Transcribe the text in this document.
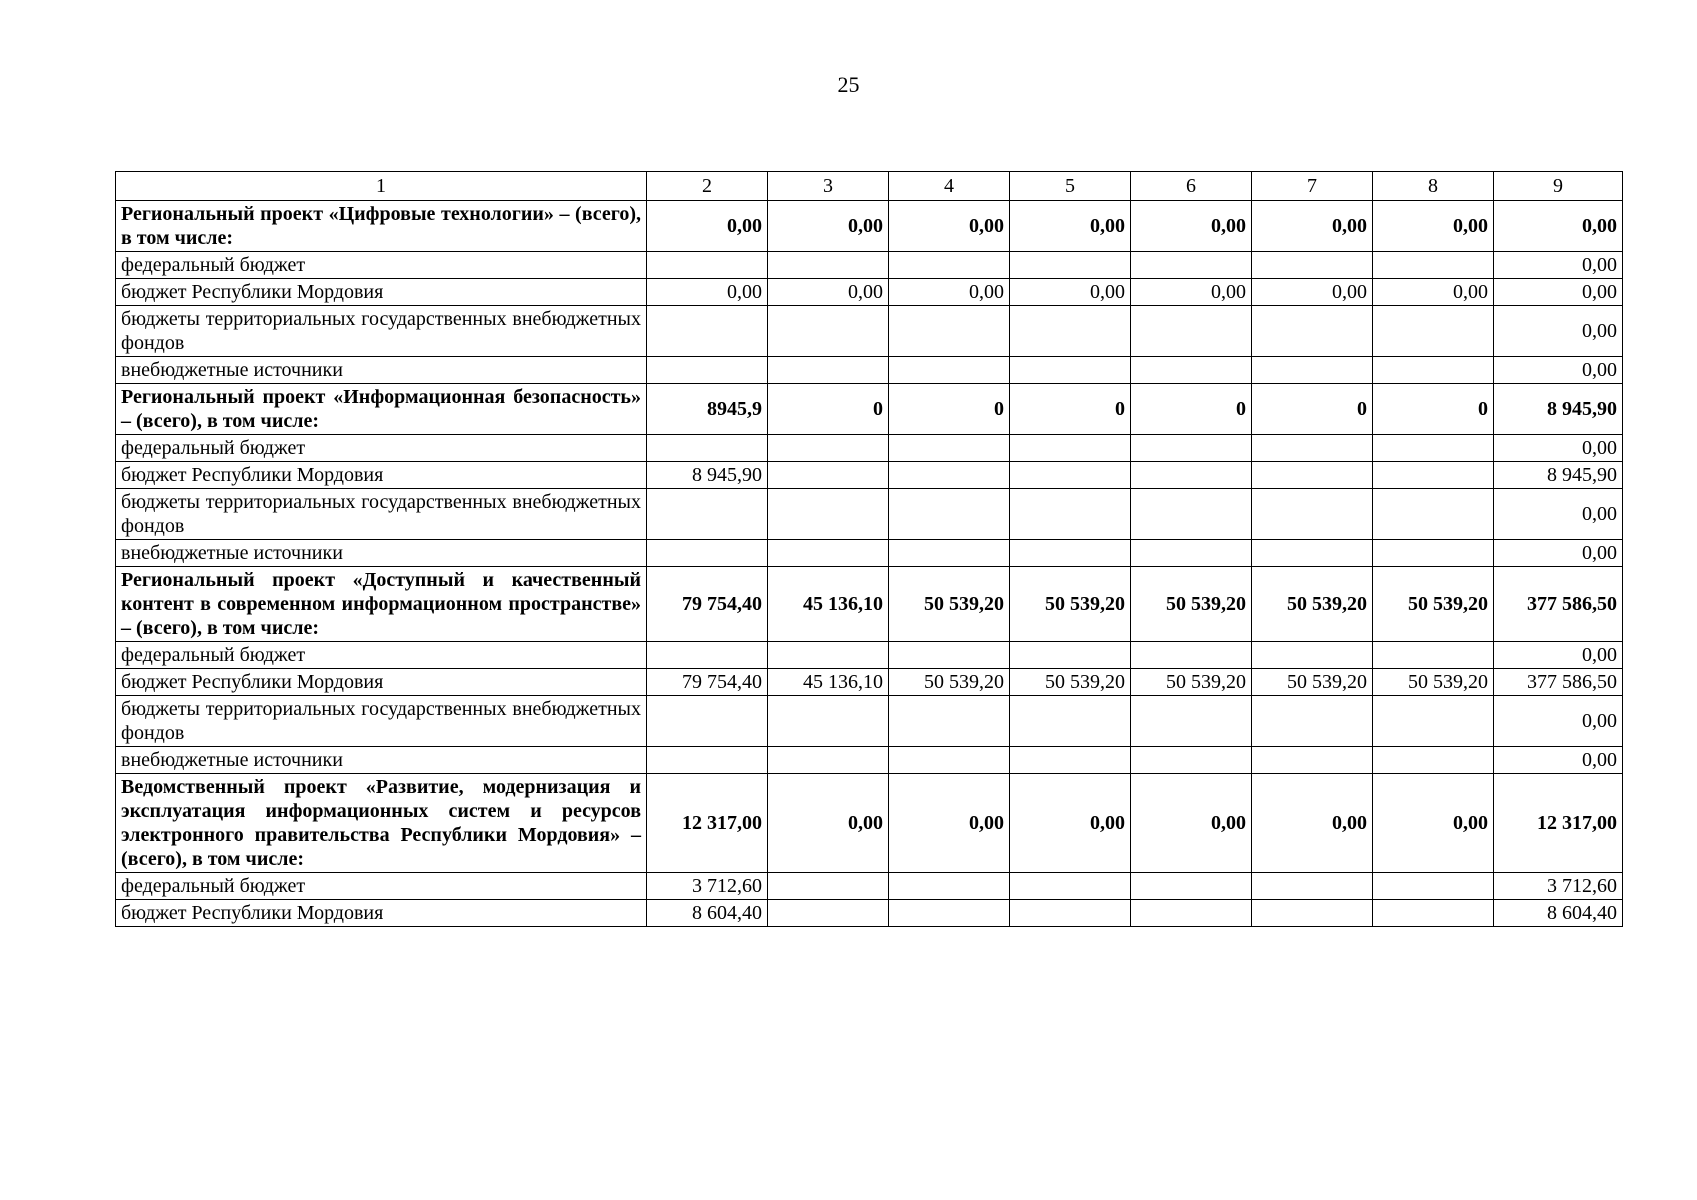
25
1	2	3	4	5	6	7	8	9
Региональный проект «Цифровые технологии» – (всего), в том числе:	0,00	0,00	0,00	0,00	0,00	0,00	0,00	0,00
федеральный бюджет								0,00
бюджет Республики Мордовия	0,00	0,00	0,00	0,00	0,00	0,00	0,00	0,00
бюджеты территориальных государственных внебюджетных фондов								0,00
внебюджетные источники								0,00
Региональный проект «Информационная безопасность» – (всего), в том числе:	8945,9	0	0	0	0	0	0	8 945,90
федеральный бюджет								0,00
бюджет Республики Мордовия	8 945,90							8 945,90
бюджеты территориальных государственных внебюджетных фондов								0,00
внебюджетные источники								0,00
Региональный проект «Доступный и качественный контент в современном информационном пространстве» – (всего), в том числе:	79 754,40	45 136,10	50 539,20	50 539,20	50 539,20	50 539,20	50 539,20	377 586,50
федеральный бюджет								0,00
бюджет Республики Мордовия	79 754,40	45 136,10	50 539,20	50 539,20	50 539,20	50 539,20	50 539,20	377 586,50
бюджеты территориальных государственных внебюджетных фондов								0,00
внебюджетные источники								0,00
Ведомственный проект «Развитие, модернизация и эксплуатация информационных систем и ресурсов электронного правительства Республики Мордовия» – (всего), в том числе:	12 317,00	0,00	0,00	0,00	0,00	0,00	0,00	12 317,00
федеральный бюджет	3 712,60							3 712,60
бюджет Республики Мордовия	8 604,40							8 604,40
